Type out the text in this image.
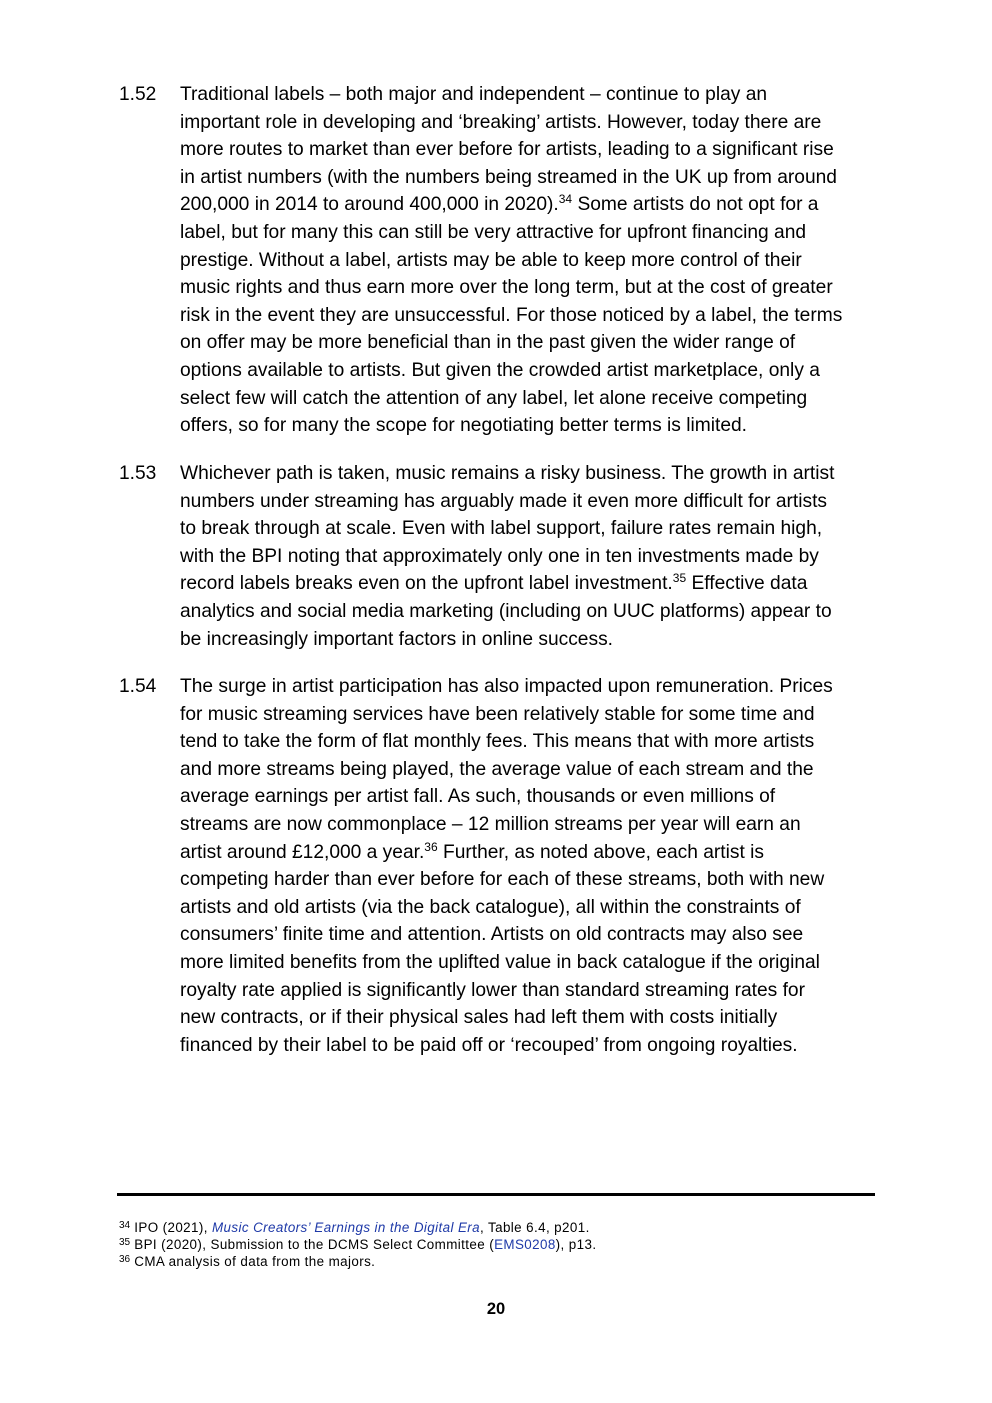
1.52 Traditional labels – both major and independent – continue to play an
important role in developing and ‘breaking’ artists. However, today there are
more routes to market than ever before for artists, leading to a significant rise
in artist numbers (with the numbers being streamed in the UK up from around
200,000 in 2014 to around 400,000 in 2020).$^{34}$ Some artists do not opt for a
label, but for many this can still be very attractive for upfront financing and
prestige. Without a label, artists may be able to keep more control of their
music rights and thus earn more over the long term, but at the cost of greater
risk in the event they are unsuccessful. For those noticed by a label, the terms
on offer may be more beneficial than in the past given the wider range of
options available to artists. But given the crowded artist marketplace, only a
select few will catch the attention of any label, let alone receive competing
offers, so for many the scope for negotiating better terms is limited.
1.53 Whichever path is taken, music remains a risky business. The growth in artist
numbers under streaming has arguably made it even more difficult for artists
to break through at scale. Even with label support, failure rates remain high,
with the BPI noting that approximately only one in ten investments made by
record labels breaks even on the upfront label investment.$^{35}$ Effective data
analytics and social media marketing (including on UUC platforms) appear to
be increasingly important factors in online success.
1.54 The surge in artist participation has also impacted upon remuneration. Prices
for music streaming services have been relatively stable for some time and
tend to take the form of flat monthly fees. This means that with more artists
and more streams being played, the average value of each stream and the
average earnings per artist fall. As such, thousands or even millions of
streams are now commonplace – 12 million streams per year will earn an
artist around £12,000 a year.$^{36}$ Further, as noted above, each artist is
competing harder than ever before for each of these streams, both with new
artists and old artists (via the back catalogue), all within the constraints of
consumers’ finite time and attention. Artists on old contracts may also see
more limited benefits from the uplifted value in back catalogue if the original
royalty rate applied is significantly lower than standard streaming rates for
new contracts, or if their physical sales had left them with costs initially
financed by their label to be paid off or ‘recouped’ from ongoing royalties.
$^{34}$ IPO (2021), Music Creators’ Earnings in the Digital Era, Table 6.4, p201.
$^{35}$ BPI (2020), Submission to the DCMS Select Committee (EMS0208), p13.
$^{36}$ CMA analysis of data from the majors.
20
